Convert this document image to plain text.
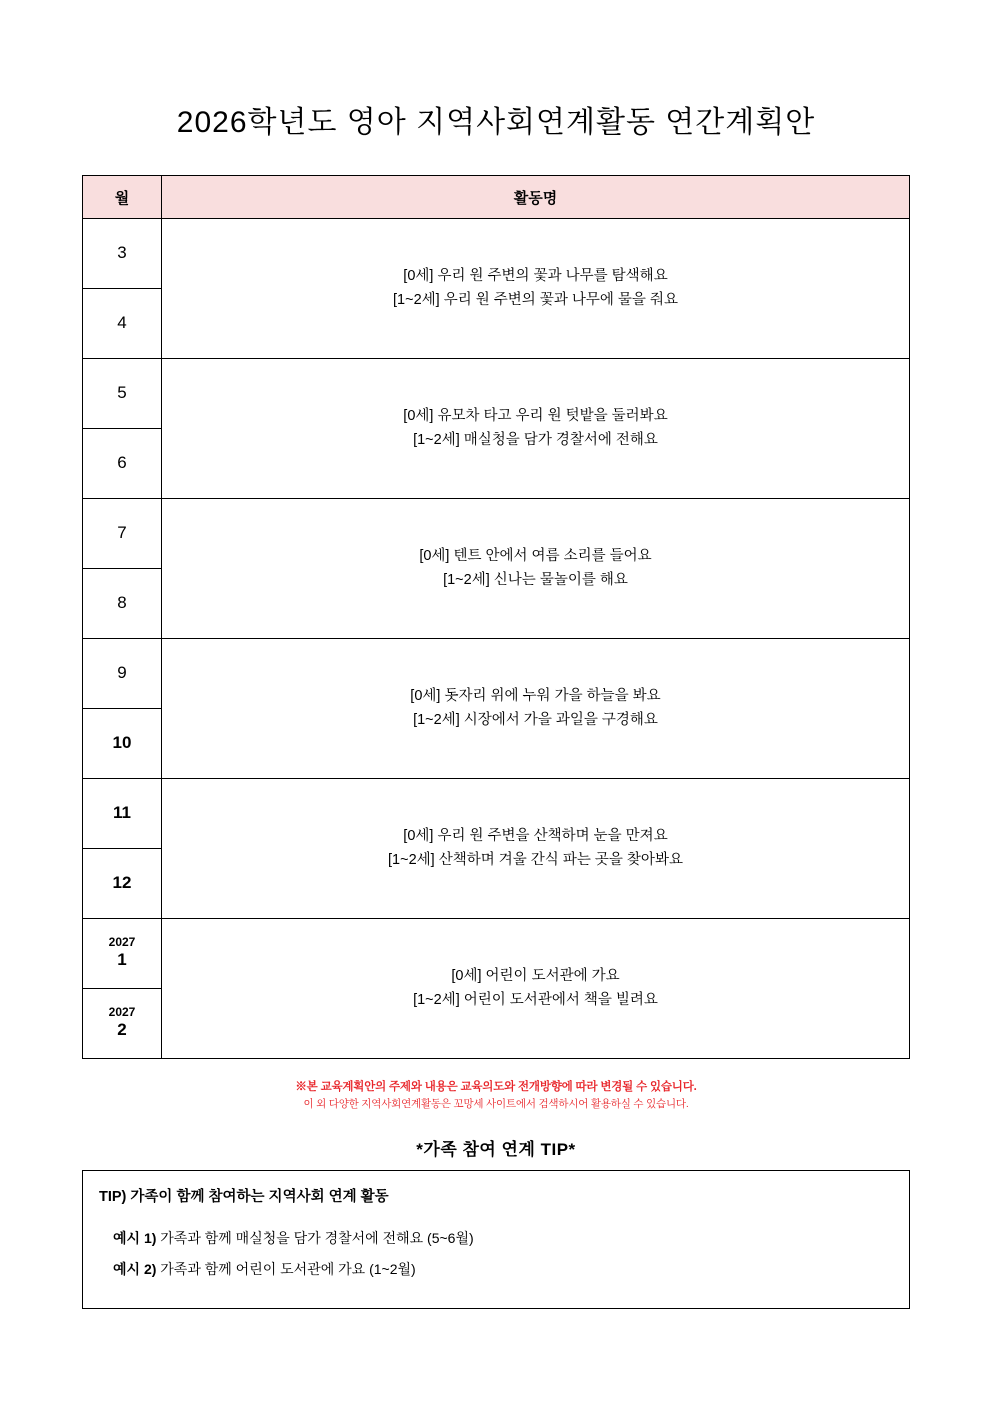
2026학년도 영아 지역사회연계활동 연간계획안
월	활동명

3	[0세] 우리 원 주변의 꽃과 나무를 탐색해요
[1~2세] 우리 원 주변의 꽃과 나무에 물을 줘요

4	

5	[0세] 유모차 타고 우리 원 텃밭을 둘러봐요
[1~2세] 매실청을 담가 경찰서에 전해요

6	

7	[0세] 텐트 안에서 여름 소리를 들어요
[1~2세] 신나는 물놀이를 해요

8	

9	[0세] 돗자리 위에 누워 가을 하늘을 봐요
[1~2세] 시장에서 가을 과일을 구경해요

10	

11	[0세] 우리 원 주변을 산책하며 눈을 만져요
[1~2세] 산책하며 겨울 간식 파는 곳을 찾아봐요

12	

2027
1	[0세] 어린이 도서관에 가요
[1~2세] 어린이 도서관에서 책을 빌려요

2027
2	
※본 교육계획안의 주제와 내용은 교육의도와 전개방향에 따라 변경될 수 있습니다.
이 외 다양한 지역사회연계활동은 꼬망세 사이트에서 검색하시어 활용하실 수 있습니다.
*가족 참여 연계 TIP*
TIP) 가족이 함께 참여하는 지역사회 연계 활동
예시 1) 가족과 함께 매실청을 담가 경찰서에 전해요 (5~6월)
예시 2) 가족과 함께 어린이 도서관에 가요 (1~2월)
